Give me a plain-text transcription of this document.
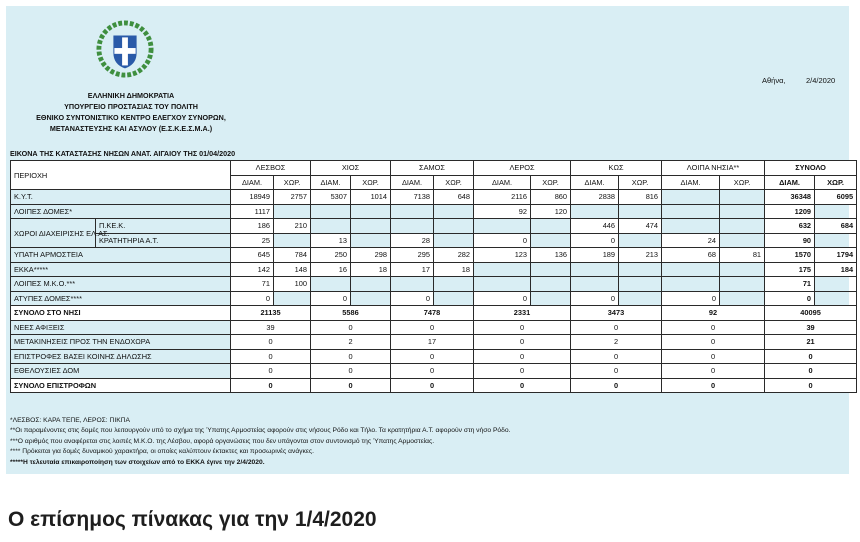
ΕΛΛΗΝΙΚΗ ΔΗΜΟΚΡΑΤΙΑ
ΥΠΟΥΡΓΕΙΟ ΠΡΟΣΤΑΣΙΑΣ ΤΟΥ ΠΟΛΙΤΗ
ΕΘΝΙΚΟ ΣΥΝΤΟΝΙΣΤΙΚΟ ΚΕΝΤΡΟ ΕΛΕΓΧΟΥ ΣΥΝΟΡΩΝ,
ΜΕΤΑΝΑΣΤΕΥΣΗΣ ΚΑΙ ΑΣΥΛΟΥ (Ε.Σ.Κ.Ε.Σ.Μ.Α.)
Αθήνα,	2/4/2020
ΕΙΚΟΝΑ ΤΗΣ ΚΑΤΑΣΤΑΣΗΣ ΝΗΣΩΝ ΑΝΑΤ. ΑΙΓΑΙΟΥ ΤΗΣ 01/04/2020
ΠΕΡΙΟΧΗ		ΛΕΣΒΟΣ		ΧΙΟΣ		ΣΑΜΟΣ		ΛΕΡΟΣ		ΚΩΣ		ΛΟΙΠΑ ΝΗΣΙΑ**		ΣΥΝΟΛΟ	
		ΔΙΑΜ.	ΧΩΡ.	ΔΙΑΜ.	ΧΩΡ.	ΔΙΑΜ.	ΧΩΡ.	ΔΙΑΜ.	ΧΩΡ.	ΔΙΑΜ.	ΧΩΡ.	ΔΙΑΜ.	ΧΩΡ.	ΔΙΑΜ.	ΧΩΡ.
Κ.Υ.Τ.		18949	2757	5307	1014	7138	648	2116	860	2838	816			36348	6095
ΛΟΙΠΕΣ ΔΟΜΕΣ*		1117						92	120					1209	
ΧΩΡΟΙ ΔΙΑΧΕΙΡΙΣΗΣ ΕΛ.ΑΣ.	Π.ΚΕ.Κ.	186	210							446	474			632	684
	ΚΡΑΤΗΤΗΡΙΑ Α.Τ.	25		13		28		0		0		24		90	
ΥΠΑΤΗ ΑΡΜΟΣΤΕΙΑ		645	784	250	298	295	282	123	136	189	213	68	81	1570	1794
ΕΚΚΑ*****		142	148	16	18	17	18							175	184
ΛΟΙΠΕΣ Μ.Κ.Ο.***		71	100											71	
ΑΤΥΠΕΣ ΔΟΜΕΣ****		0		0		0		0		0		0		0	
ΣΥΝΟΛΟ ΣΤΟ ΝΗΣΙ		21135		5586		7478		2331		3473		92		40095	
ΝΕΕΣ ΑΦΙΞΕΙΣ		39		0		0		0		0		0		39	
ΜΕΤΑΚΙΝΗΣΕΙΣ ΠΡΟΣ ΤΗΝ ΕΝΔΟΧΩΡΑ		0		2		17		0		2		0		21	
ΕΠΙΣΤΡΟΦΕΣ ΒΑΣΕΙ ΚΟΙΝΗΣ ΔΗΛΩΣΗΣ		0		0		0		0		0		0		0	
ΕΘΕΛΟΥΣΙΕΣ ΔΟΜ		0		0		0		0		0		0		0	
ΣΥΝΟΛΟ ΕΠΙΣΤΡΟΦΩΝ		0		0		0		0		0		0		0	
*ΛΕΣΒΟΣ: ΚΑΡΑ ΤΕΠΕ, ΛΕΡΟΣ: ΠΙΚΠΑ
**Οι παραμένοντες στις δομές που λειτουργούν υπό το σχήμα της Ύπατης Αρμοστείας αφορούν στις νήσους Ρόδο και Τήλο. Τα κρατητήρια Α.Τ. αφορούν στη νήσο Ρόδο.
***Ο αριθμός που αναφέρεται στις λοιπές Μ.Κ.Ο. της Λέσβου, αφορά οργανώσεις που δεν υπάγονται στον συντονισμό της Ύπατης Αρμοστείας.
**** Πρόκειται για δομές δυναμικού χαρακτήρα, οι οποίες καλύπτουν έκτακτες και προσωρινές ανάγκες.
*****Η τελευταία επικαιροποίηση των στοιχείων από το ΕΚΚΑ έγινε την 2/4/2020.
Ο επίσημος πίνακας για την 1/4/2020
